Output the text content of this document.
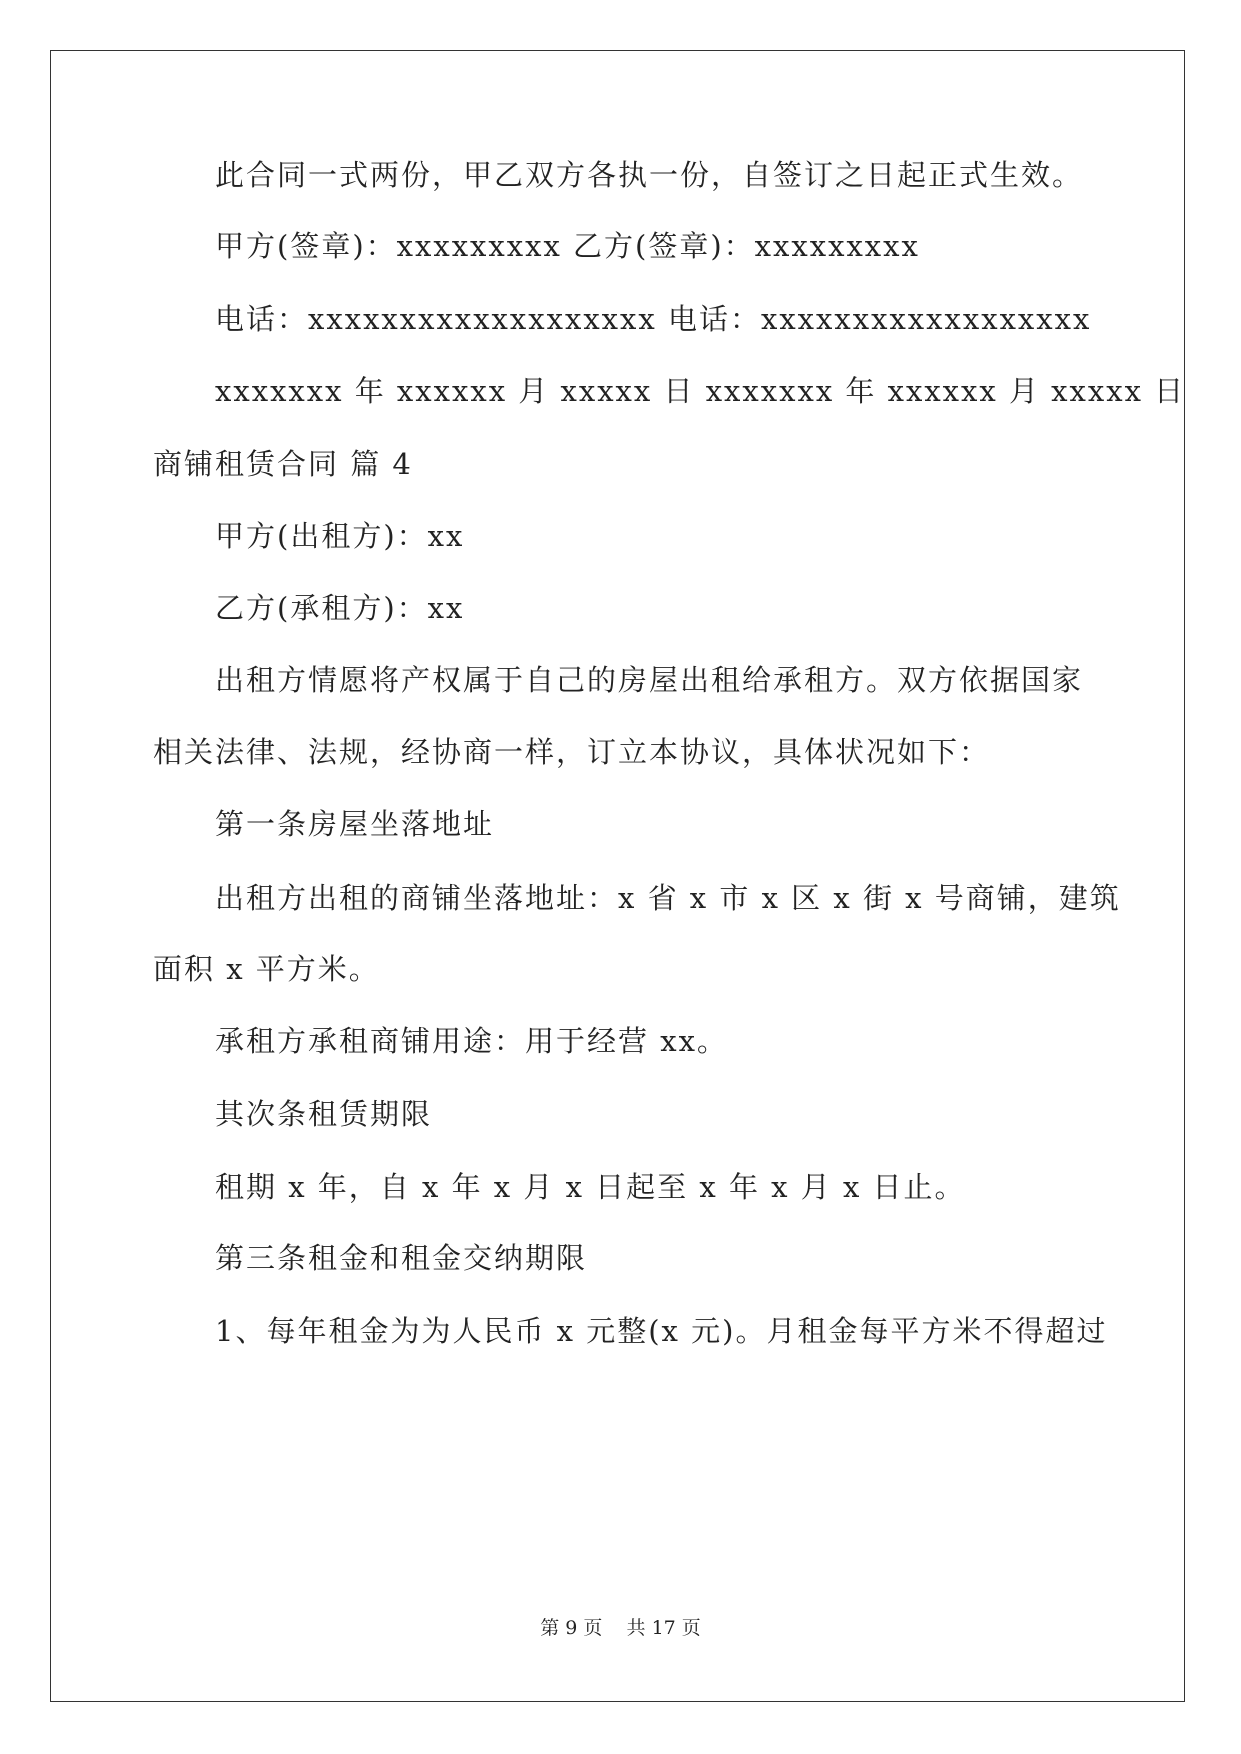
此合同一式两份，甲乙双方各执一份，自签订之日起正式生效。
甲方(签章)：xxxxxxxxx 乙方(签章)：xxxxxxxxx
电话：xxxxxxxxxxxxxxxxxxx 电话：xxxxxxxxxxxxxxxxxx
xxxxxxx 年 xxxxxx 月 xxxxx 日 xxxxxxx 年 xxxxxx 月 xxxxx 日
商铺租赁合同 篇 4
甲方(出租方)：xx
乙方(承租方)：xx
出租方情愿将产权属于自己的房屋出租给承租方。双方依据国家
相关法律、法规，经协商一样，订立本协议，具体状况如下：
第一条房屋坐落地址
出租方出租的商铺坐落地址：x 省 x 市 x 区 x 街 x 号商铺，建筑
面积 x 平方米。
承租方承租商铺用途：用于经营 xx。
其次条租赁期限
租期 x 年，自 x 年 x 月 x 日起至 x 年 x 月 x 日止。
第三条租金和租金交纳期限
1、每年租金为为人民币 x 元整(x 元)。月租金每平方米不得超过
第 9 页    共 17 页
